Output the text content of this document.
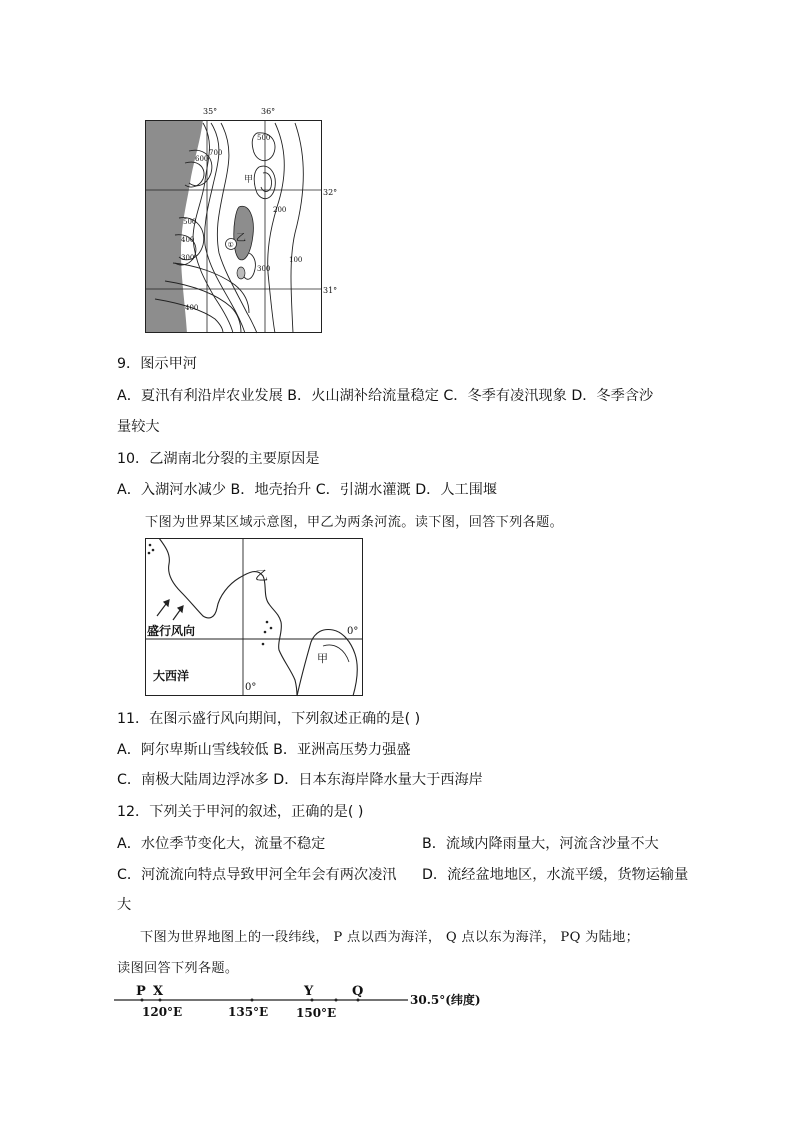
35°	36°
32°
31°
700
600
500
400
300
500
200
300
100
400
甲
乙
①
9．图示甲河
A．夏汛有利沿岸农业发展 B．火山湖补给流量稳定 C．冬季有凌汛现象 D．冬季含沙
量较大
10．乙湖南北分裂的主要原因是
A．入湖河水减少 B．地壳抬升 C．引湖水灌溉 D．人工围堰
下图为世界某区域示意图，甲乙为两条河流。读下图，回答下列各题。
乙
甲
盛行风向
大西洋
0°
0°
11．在图示盛行风向期间，下列叙述正确的是( )
A．阿尔卑斯山雪线较低 B．亚洲高压势力强盛
C．南极大陆周边浮冰多 D．日本东海岸降水量大于西海岸
12．下列关于甲河的叙述，正确的是( )
A．水位季节变化大，流量不稳定	B．流域内降雨量大，河流含沙量不大
C．河流流向特点导致甲河全年会有两次凌汛 D．流经盆地地区，水流平缓，货物运输量
大
下图为世界地图上的一段纬线， P 点以西为海洋， Q 点以东为海洋， PQ 为陆地；
读图回答下列各题。
P X	Y	Q
120°E	135°E 150°E
30.5°(纬度)
